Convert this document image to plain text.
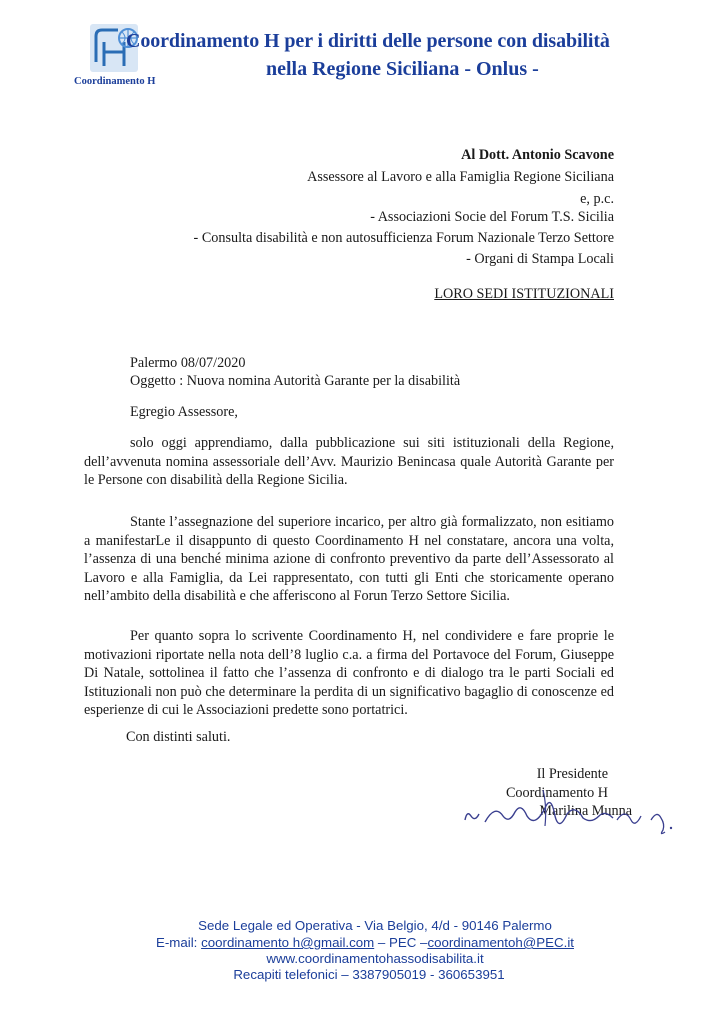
Coordinamento H
Coordinamento H per i diritti delle persone con disabilità
nella Regione Siciliana - Onlus -
Al Dott. Antonio Scavone
Assessore al Lavoro e alla Famiglia Regione Siciliana
e, p.c.
- Associazioni Socie del Forum T.S. Sicilia
- Consulta disabilità e non autosufficienza Forum Nazionale Terzo Settore
- Organi di Stampa Locali
LORO SEDI ISTITUZIONALI
Palermo 08/07/2020
Oggetto : Nuova nomina Autorità Garante per la disabilità
Egregio Assessore,
solo oggi apprendiamo, dalla pubblicazione sui siti istituzionali della Regione, dell’avvenuta nomina assessoriale dell’Avv. Maurizio Benincasa quale Autorità Garante per le Persone con disabilità della Regione Sicilia.
Stante l’assegnazione del superiore incarico, per altro già formalizzato, non esitiamo a manifestarLe il disappunto di questo Coordinamento H nel constatare, ancora una volta, l’assenza di una benché minima azione di confronto preventivo da parte dell’Assessorato al Lavoro e alla Famiglia, da Lei rappresentato, con tutti gli Enti che storicamente operano nell’ambito della disabilità e che afferiscono al Forun Terzo Settore Sicilia.
Per quanto sopra lo scrivente Coordinamento H, nel condividere e fare proprie le motivazioni riportate nella nota dell’8 luglio c.a. a firma del Portavoce del Forum, Giuseppe Di Natale, sottolinea il fatto che l’assenza di confronto e di dialogo tra le parti Sociali ed Istituzionali non può che determinare la perdita di un significativo bagaglio di conoscenze ed esperienze di cui le Associazioni predette sono portatrici.
Con distinti saluti.
Il Presidente
Coordinamento H
Marilina Munna
Sede Legale ed Operativa - Via Belgio, 4/d - 90146 Palermo
E-mail: coordinamento h@gmail.com – PEC –coordinamentoh@PEC.it
www.coordinamentohassodisabilita.it
Recapiti telefonici – 3387905019 - 360653951
